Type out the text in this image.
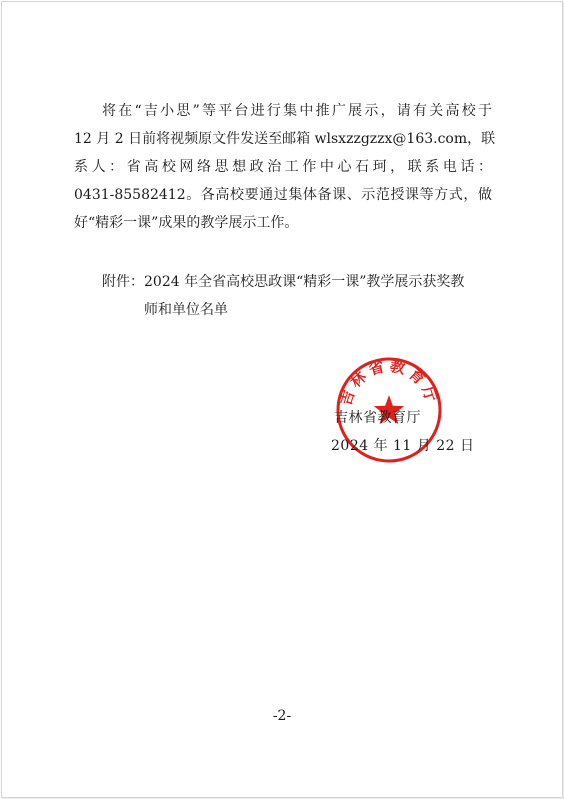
将在“吉小思”等平台进行集中推广展示，请有关高校于
12 月 2 日前将视频原文件发送至邮箱 wlsxzzgzzx@163.com，联
系人：省高校网络思想政治工作中心石珂，联系电话：
0431-85582412。各高校要通过集体备课、示范授课等方式，做
好“精彩一课”成果的教学展示工作。
附件：2024 年全省高校思政课“精彩一课”教学展示获奖教
师和单位名单
吉林省教育厅
吉林省教育厅
2024 年 11 月 22 日
-2-
